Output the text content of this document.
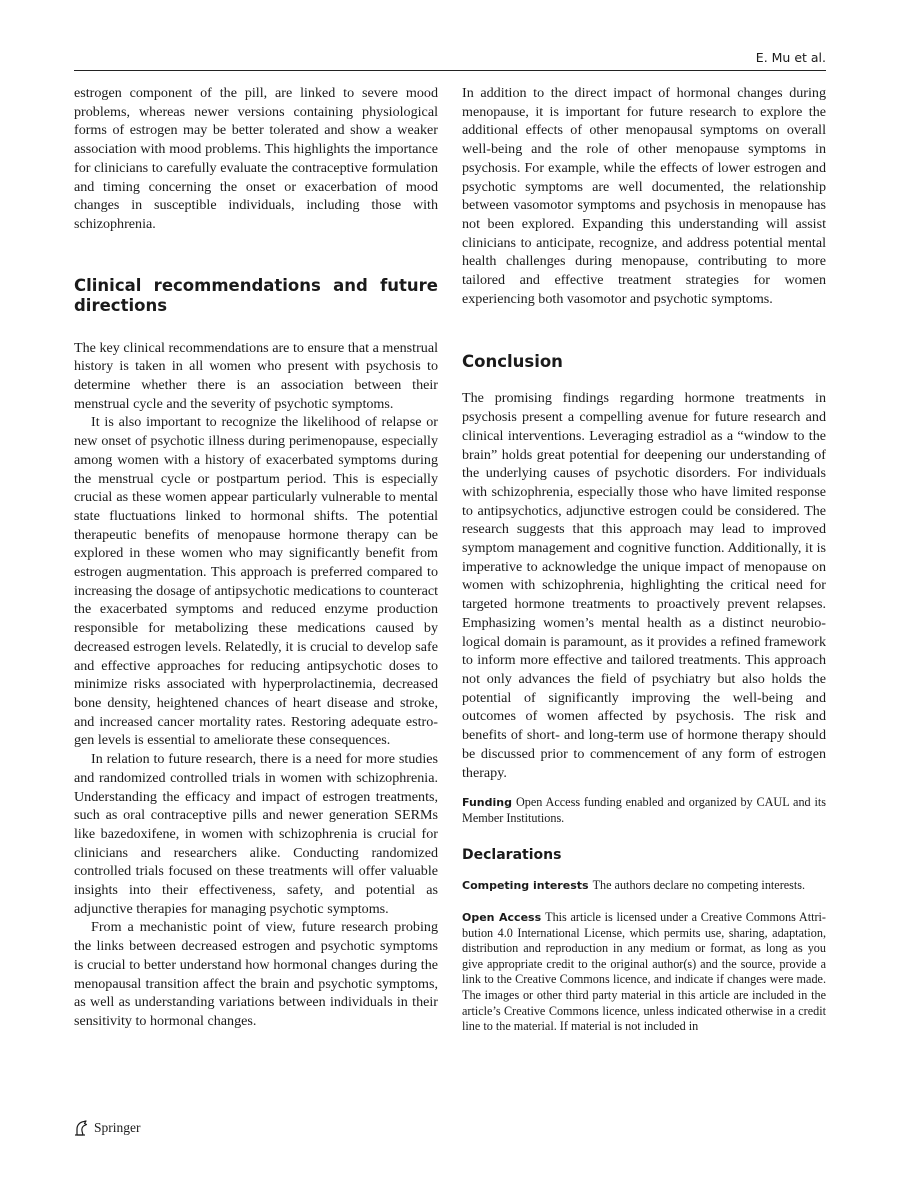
E. Mu et al.

estrogen component of the pill, are linked to severe mood problems, whereas newer versions containing physiological forms of estrogen may be better tolerated and show a weaker association with mood problems. This highlights the importance for clinicians to carefully evaluate the contraceptive formulation and timing concerning the onset or exacerbation of mood changes in susceptible individuals, including those with schizophrenia.

Clinical recommendations and future directions

The key clinical recommendations are to ensure that a menstrual history is taken in all women who present with psychosis to determine whether there is an association between their menstrual cycle and the severity of psychotic symptoms.

It is also important to recognize the likelihood of relapse or new onset of psychotic illness during perimenopause, especially among women with a history of exacerbated symptoms during the menstrual cycle or postpartum period. This is especially crucial as these women appear particularly vulnerable to mental state fluctuations linked to hormonal shifts. The potential therapeutic benefits of menopause hormone therapy can be explored in these women who may significantly benefit from estrogen augmentation. This approach is preferred compared to increasing the dosage of antipsychotic medications to counteract the exacerbated symptoms and reduced enzyme production responsible for metabolizing these medications caused by decreased estrogen levels. Relatedly, it is crucial to develop safe and effective approaches for reducing antipsychotic doses to minimize risks associated with hyperprolactinemia, decreased bone density, heightened chances of heart disease and stroke, and increased cancer mortality rates. Restoring adequate estrogen levels is essential to ameliorate these consequences.

In relation to future research, there is a need for more studies and randomized controlled trials in women with schizophrenia. Understanding the efficacy and impact of estrogen treatments, such as oral contraceptive pills and newer generation SERMs like bazedoxifene, in women with schizophrenia is crucial for clinicians and researchers alike. Conducting randomized controlled trials focused on these treatments will offer valuable insights into their effectiveness, safety, and potential as adjunctive therapies for managing psychotic symptoms.

From a mechanistic point of view, future research probing the links between decreased estrogen and psychotic symptoms is crucial to better understand how hormonal changes during the menopausal transition affect the brain and psychotic symptoms, as well as understanding variations between individuals in their sensitivity to hormonal changes.

In addition to the direct impact of hormonal changes during menopause, it is important for future research to explore the additional effects of other menopausal symptoms on overall well-being and the role of other menopause symptoms in psychosis. For example, while the effects of lower estrogen and psychotic symptoms are well documented, the relationship between vasomotor symptoms and psychosis in menopause has not been explored. Expanding this understanding will assist clinicians to anticipate, recognize, and address potential mental health challenges during menopause, contributing to more tailored and effective treatment strategies for women experiencing both vasomotor and psychotic symptoms.

Conclusion

The promising findings regarding hormone treatments in psychosis present a compelling avenue for future research and clinical interventions. Leveraging estradiol as a “window to the brain” holds great potential for deepening our understanding of the underlying causes of psychotic disorders. For individuals with schizophrenia, especially those who have limited response to antipsychotics, adjunctive estrogen could be considered. The research suggests that this approach may lead to improved symptom management and cognitive function. Additionally, it is imperative to acknowledge the unique impact of menopause on women with schizophrenia, highlighting the critical need for targeted hormone treatments to proactively prevent relapses. Emphasizing women’s mental health as a distinct neurobiological domain is paramount, as it provides a refined framework to inform more effective and tailored treatments. This approach not only advances the field of psychiatry but also holds the potential of significantly improving the well-being and outcomes of women affected by psychosis. The risk and benefits of short- and long-term use of hormone therapy should be discussed prior to commencement of any form of estrogen therapy.

Funding Open Access funding enabled and organized by CAUL and its Member Institutions.

Declarations

Competing interests The authors declare no competing interests.

Open Access This article is licensed under a Creative Commons Attribution 4.0 International License, which permits use, sharing, adaptation, distribution and reproduction in any medium or format, as long as you give appropriate credit to the original author(s) and the source, provide a link to the Creative Commons licence, and indicate if changes were made. The images or other third party material in this article are included in the article’s Creative Commons licence, unless indicated otherwise in a credit line to the material. If material is not included in

Springer
